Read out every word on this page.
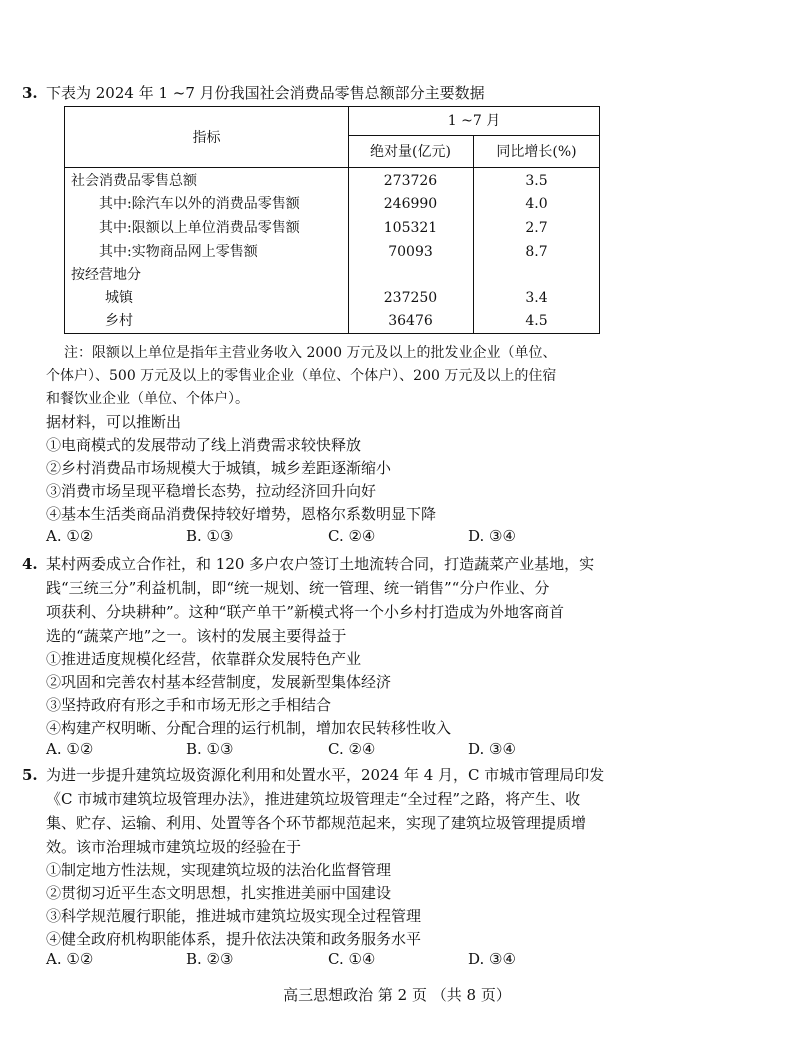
3. 下表为 2024 年 1 ~7 月份我国社会消费品零售总额部分主要数据
指标
1 ~7 月
绝对量(亿元)	同比增长(%)
社会消费品零售总额	273726	3.5
其中:除汽车以外的消费品零售额	246990	4.0
其中:限额以上单位消费品零售额	105321	2.7
其中:实物商品网上零售额	70093	8.7
按经营地分
城镇	237250	3.4
乡村	36476	4.5
注：限额以上单位是指年主营业务收入 2000 万元及以上的批发业企业（单位、
个体户）、500 万元及以上的零售业企业（单位、个体户）、200 万元及以上的住宿
和餐饮业企业（单位、个体户）。
据材料，可以推断出
①电商模式的发展带动了线上消费需求较快释放
②乡村消费品市场规模大于城镇，城乡差距逐渐缩小
③消费市场呈现平稳增长态势，拉动经济回升向好
④基本生活类商品消费保持较好增势，恩格尔系数明显下降
A. ①②	B. ①③	C. ②④	D. ③④
4. 某村两委成立合作社，和 120 多户农户签订土地流转合同，打造蔬菜产业基地，实
践“三统三分”利益机制，即“统一规划、统一管理、统一销售”“分户作业、分
项获利、分块耕种”。这种“联产单干”新模式将一个小乡村打造成为外地客商首
选的“蔬菜产地”之一。该村的发展主要得益于
①推进适度规模化经营，依靠群众发展特色产业
②巩固和完善农村基本经营制度，发展新型集体经济
③坚持政府有形之手和市场无形之手相结合
④构建产权明晰、分配合理的运行机制，增加农民转移性收入
A. ①②	B. ①③	C. ②④	D. ③④
5. 为进一步提升建筑垃圾资源化利用和处置水平，2024 年 4 月，C 市城市管理局印发
《C 市城市建筑垃圾管理办法》，推进建筑垃圾管理走“全过程”之路，将产生、收
集、贮存、运输、利用、处置等各个环节都规范起来，实现了建筑垃圾管理提质增
效。该市治理城市建筑垃圾的经验在于
①制定地方性法规，实现建筑垃圾的法治化监督管理
②贯彻习近平生态文明思想，扎实推进美丽中国建设
③科学规范履行职能，推进城市建筑垃圾实现全过程管理
④健全政府机构职能体系，提升依法决策和政务服务水平
A. ①②	B. ②③	C. ①④	D. ③④
高三思想政治 第 2 页 （共 8 页）
